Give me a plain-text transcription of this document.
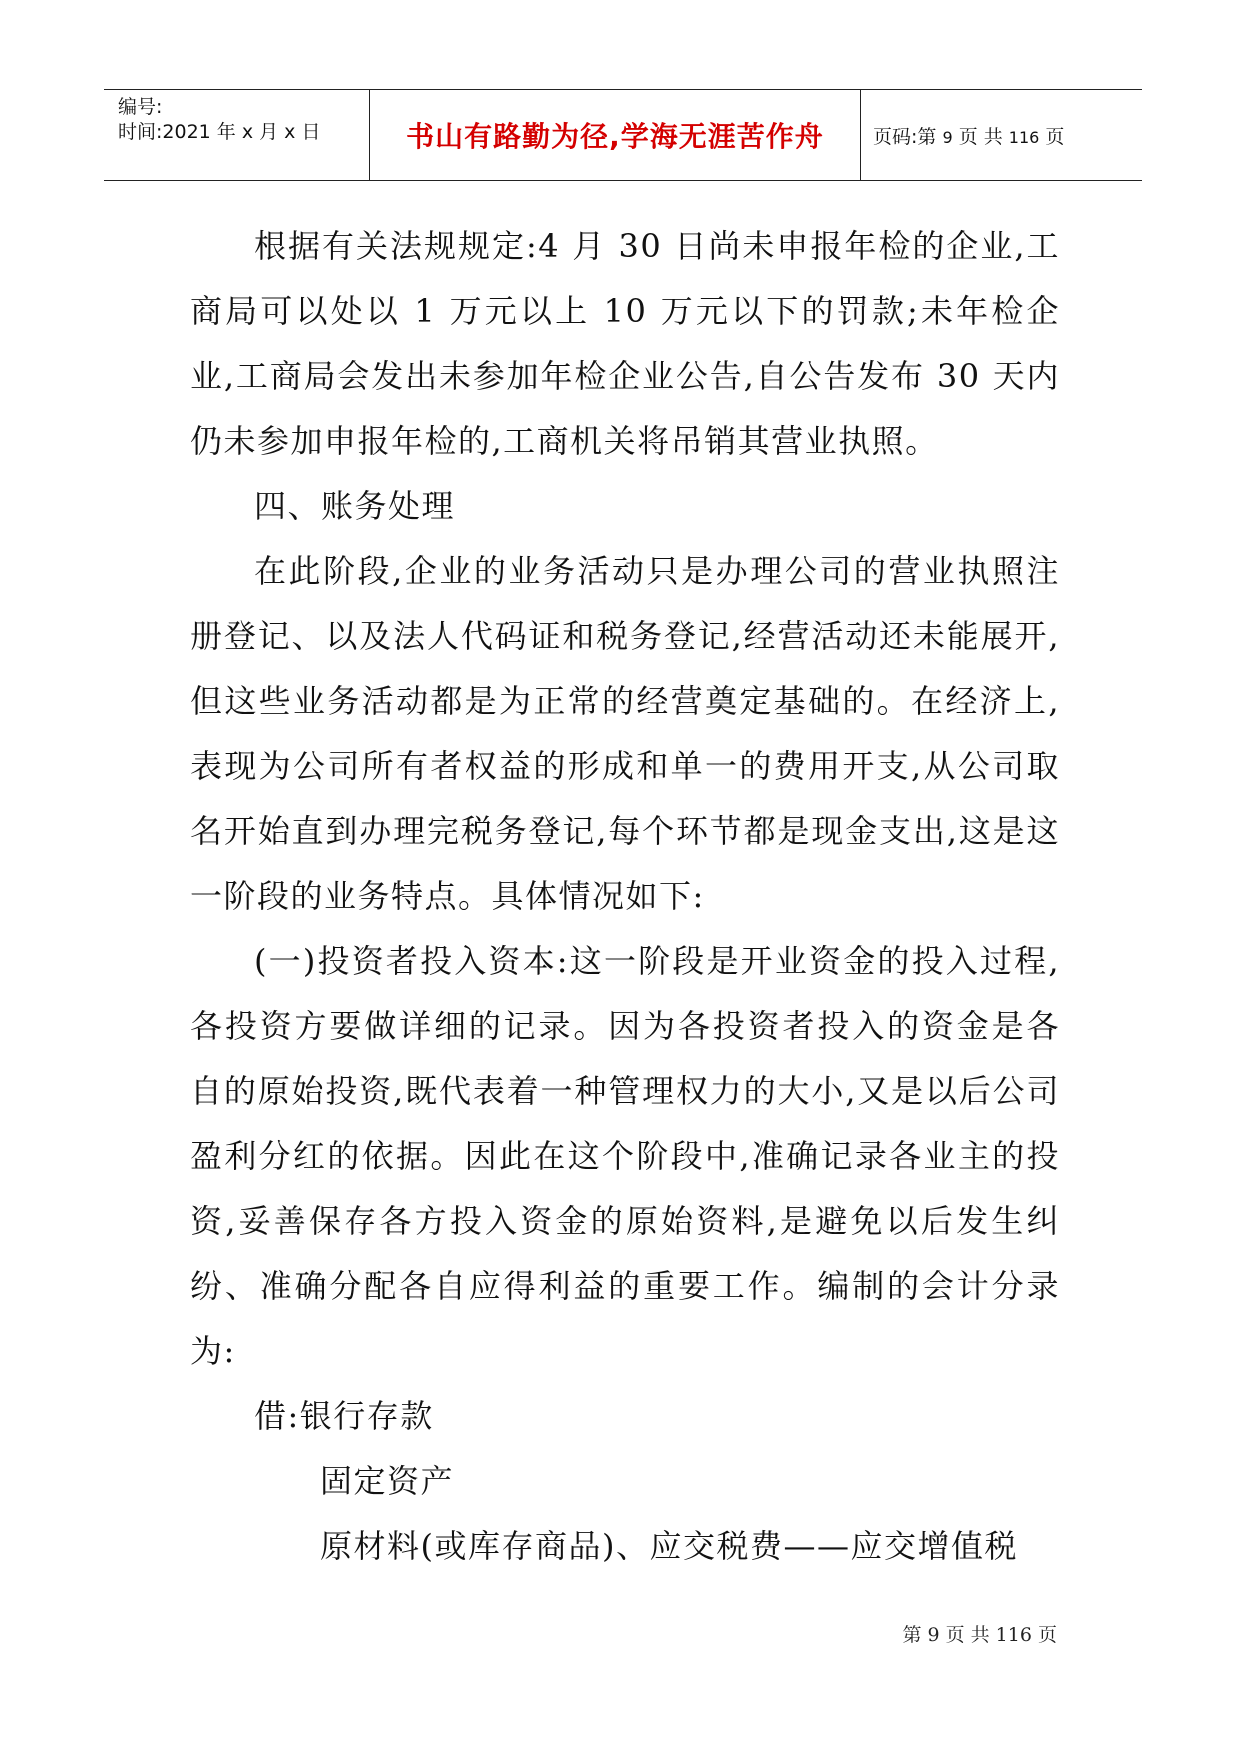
编号:
时间:2021 年 x 月 x 日	书山有路勤为径,学海无涯苦作舟	页码:第 9 页 共 116 页

根据有关法规规定:4 月 30 日尚未申报年检的企业,工商局可以处以 1 万元以上 10 万元以下的罚款;未年检企业,工商局会发出未参加年检企业公告,自公告发布 30 天内仍未参加申报年检的,工商机关将吊销其营业执照。

四、账务处理

在此阶段,企业的业务活动只是办理公司的营业执照注册登记、以及法人代码证和税务登记,经营活动还未能展开,但这些业务活动都是为正常的经营奠定基础的。在经济上,表现为公司所有者权益的形成和单一的费用开支,从公司取名开始直到办理完税务登记,每个环节都是现金支出,这是这一阶段的业务特点。具体情况如下:

(一)投资者投入资本:这一阶段是开业资金的投入过程,各投资方要做详细的记录。因为各投资者投入的资金是各自的原始投资,既代表着一种管理权力的大小,又是以后公司盈利分红的依据。因此在这个阶段中,准确记录各业主的投资,妥善保存各方投入资金的原始资料,是避免以后发生纠纷、准确分配各自应得利益的重要工作。编制的会计分录为:

借:银行存款

固定资产

原材料(或库存商品)、应交税费——应交增值税

第 9 页 共 116 页
